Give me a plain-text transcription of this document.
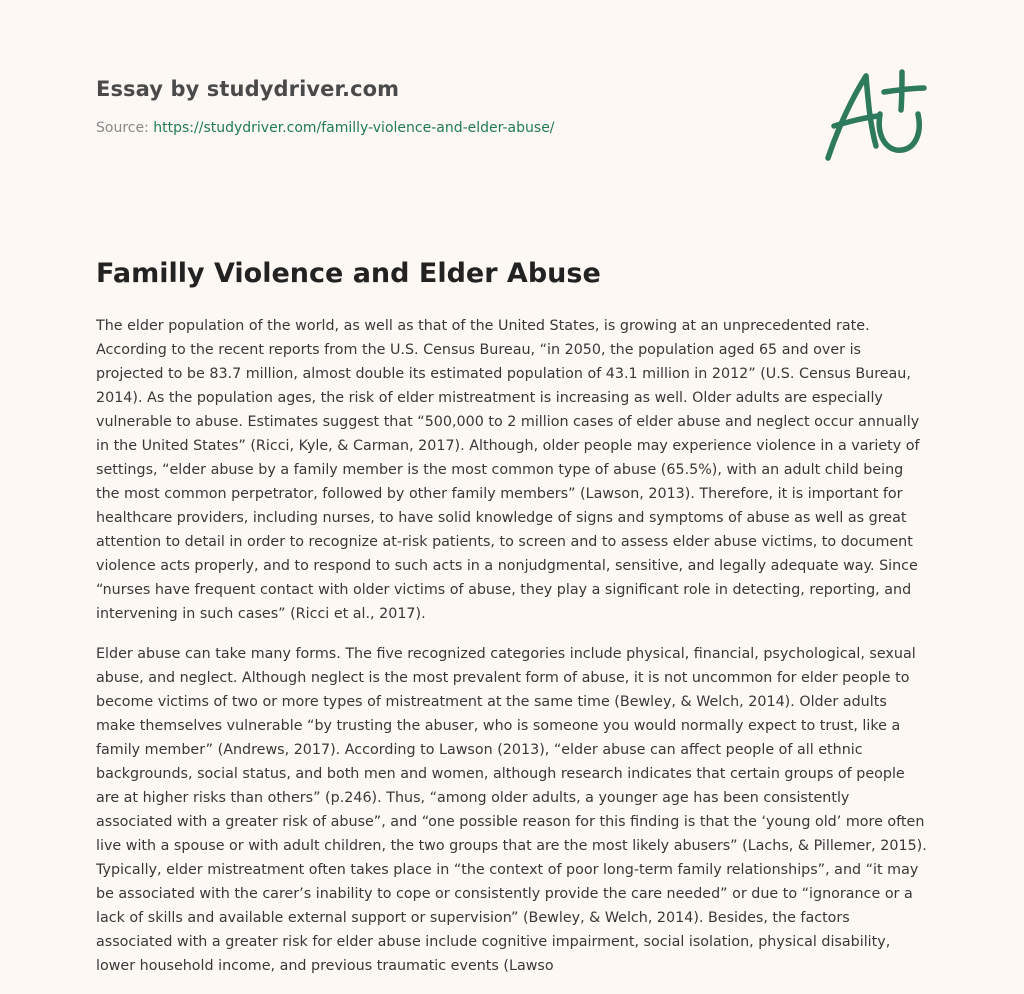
Essay by studydriver.com
Source: https://studydriver.com/familly-violence-and-elder-abuse/
Familly Violence and Elder Abuse

The elder population of the world, as well as that of the United States, is growing at an unprecedented rate. According to the recent reports from the U.S. Census Bureau, “in 2050, the population aged 65 and over is projected to be 83.7 million, almost double its estimated population of 43.1 million in 2012” (U.S. Census Bureau, 2014). As the population ages, the risk of elder mistreatment is increasing as well. Older adults are especially vulnerable to abuse. Estimates suggest that “500,000 to 2 million cases of elder abuse and neglect occur annually in the United States” (Ricci, Kyle, & Carman, 2017). Although, older people may experience violence in a variety of settings, “elder abuse by a family member is the most common type of abuse (65.5%), with an adult child being the most common perpetrator, followed by other family members” (Lawson, 2013). Therefore, it is important for healthcare providers, including nurses, to have solid knowledge of signs and symptoms of abuse as well as great attention to detail in order to recognize at-risk patients, to screen and to assess elder abuse victims, to document violence acts properly, and to respond to such acts in a nonjudgmental, sensitive, and legally adequate way. Since “nurses have frequent contact with older victims of abuse, they play a significant role in detecting, reporting, and intervening in such cases” (Ricci et al., 2017).

Elder abuse can take many forms. The five recognized categories include physical, financial, psychological, sexual abuse, and neglect. Although neglect is the most prevalent form of abuse, it is not uncommon for elder people to become victims of two or more types of mistreatment at the same time (Bewley, & Welch, 2014). Older adults make themselves vulnerable “by trusting the abuser, who is someone you would normally expect to trust, like a family member” (Andrews, 2017). According to Lawson (2013), “elder abuse can affect people of all ethnic backgrounds, social status, and both men and women, although research indicates that certain groups of people are at higher risks than others” (p.246). Thus, “among older adults, a younger age has been consistently associated with a greater risk of abuse”, and “one possible reason for this finding is that the ‘young old’ more often live with a spouse or with adult children, the two groups that are the most likely abusers” (Lachs, & Pillemer, 2015). Typically, elder mistreatment often takes place in “the context of poor long-term family relationships”, and “it may be associated with the carer’s inability to cope or consistently provide the care needed” or due to “ignorance or a lack of skills and available external support or supervision” (Bewley, & Welch, 2014). Besides, the factors associated with a greater risk for elder abuse include cognitive impairment, social isolation, physical disability, lower household income, and previous traumatic events (Lawso
